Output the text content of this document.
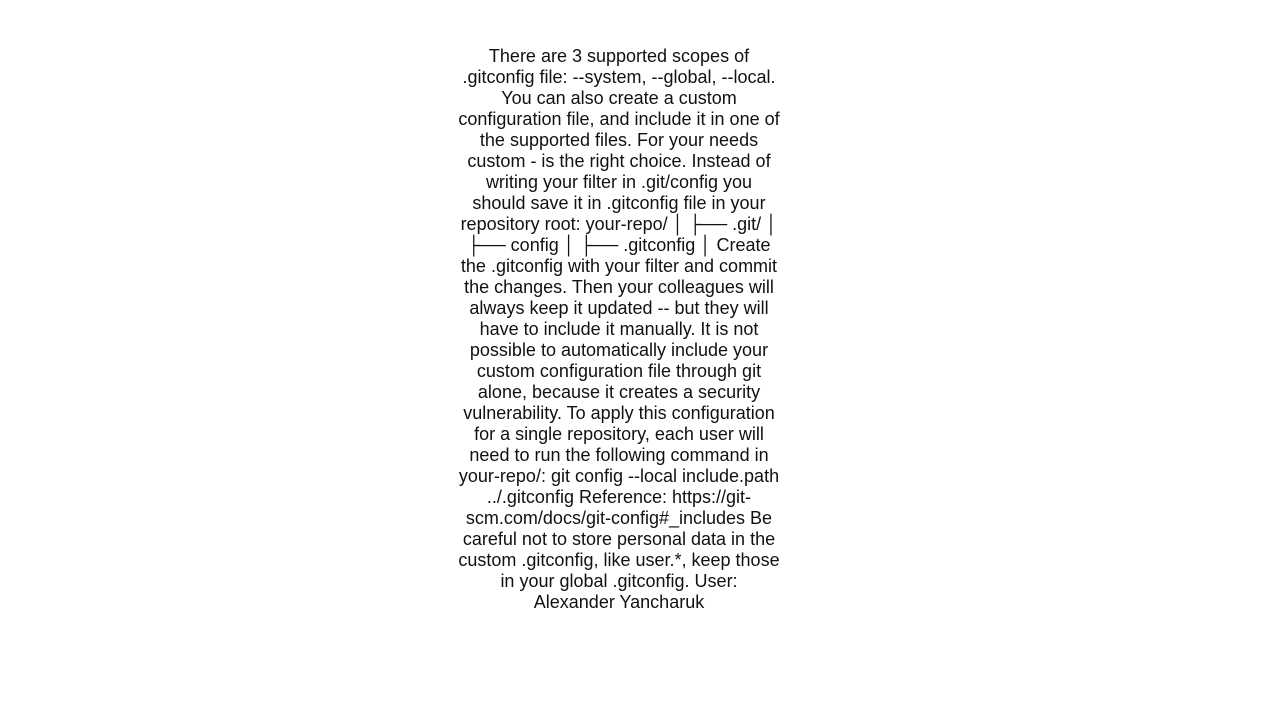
There are 3 supported scopes of .gitconfig file: --system, --global, --local. You can also create a custom configuration file, and include it in one of the supported files. For your needs custom - is the right choice. Instead of writing your filter in .git/config you should save it in .gitconfig file in your repository root: your-repo/ │ ├── .git/ │ ├── config │ ├── .gitconfig │ Create the .gitconfig with your filter and commit the changes. Then your colleagues will always keep it updated -- but they will have to include it manually. It is not possible to automatically include your custom configuration file through git alone, because it creates a security vulnerability. To apply this configuration for a single repository, each user will need to run the following command in your-repo/: git config --local include.path ../.gitconfig Reference: https://git-scm.com/docs/git-config#_includes Be careful not to store personal data in the custom .gitconfig, like user.*, keep those in your global .gitconfig. User: Alexander Yancharuk
